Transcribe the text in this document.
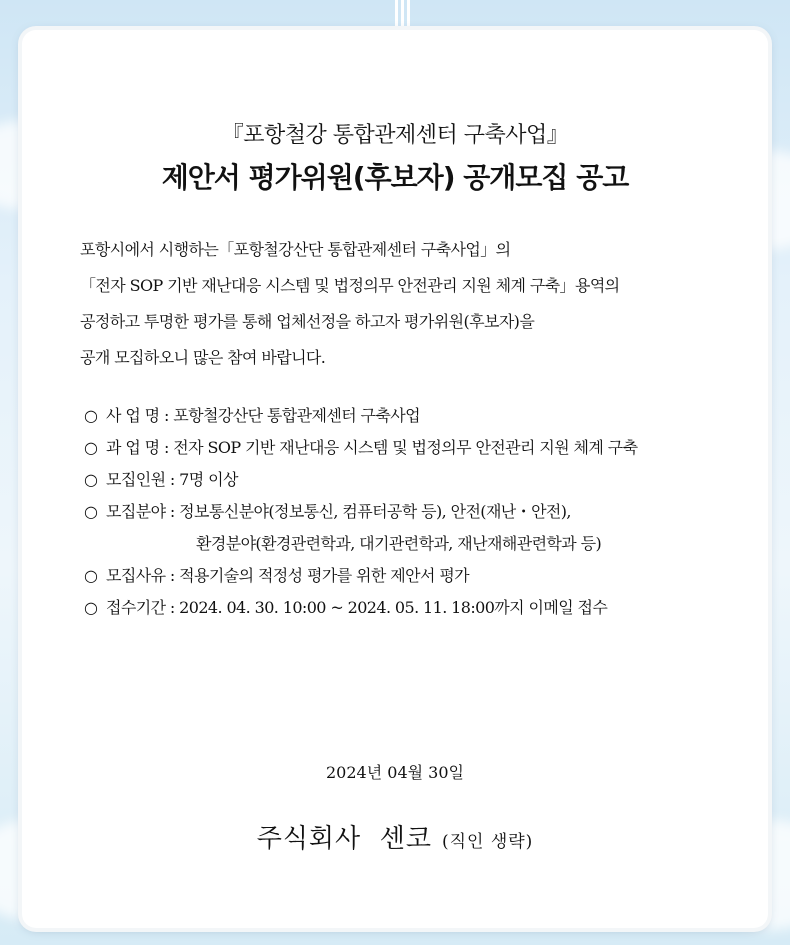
『포항철강 통합관제센터 구축사업』
제안서 평가위원(후보자) 공개모집 공고
포항시에서 시행하는「포항철강산단 통합관제센터 구축사업」의
「전자 SOP 기반 재난대응 시스템 및 법정의무 안전관리 지원 체계 구축」용역의
공정하고 투명한 평가를 통해 업체선정을 하고자 평가위원(후보자)을
공개 모집하오니 많은 참여 바랍니다.
○ 사 업 명 : 포항철강산단 통합관제센터 구축사업
○ 과 업 명 : 전자 SOP 기반 재난대응 시스템 및 법정의무 안전관리 지원 체계 구축
○ 모집인원 : 7명 이상
○ 모집분야 : 정보통신분야(정보통신, 컴퓨터공학 등), 안전(재난・안전),
환경분야(환경관련학과, 대기관련학과, 재난재해관련학과 등)
○ 모집사유 : 적용기술의 적정성 평가를 위한 제안서 평가
○ 접수기간 : 2024. 04. 30. 10:00 ~ 2024. 05. 11. 18:00까지 이메일 접수
2024년 04월 30일
주식회사  센코 (직인 생략)
